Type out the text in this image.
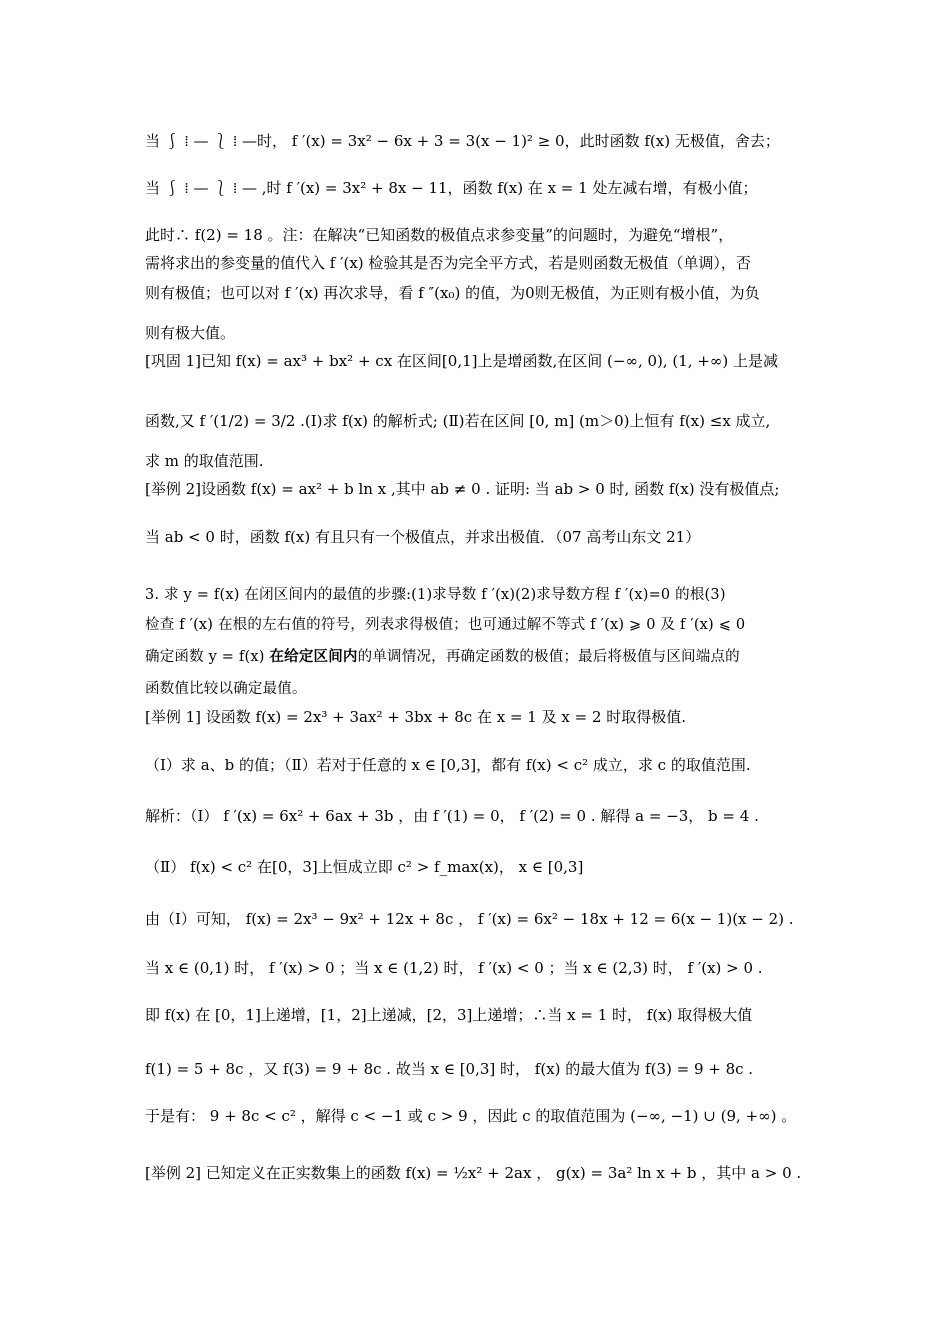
当 ⎰ ⁞ — ⎱ ⁞ —时， f ′(x) = 3x² − 6x + 3 = 3(x − 1)² ≥ 0，此时函数 f(x) 无极值，舍去；
当 ⎰ ⁞ — ⎱ ⁞ — ,时 f ′(x) = 3x² + 8x − 11，函数 f(x) 在 x = 1 处左减右增，有极小值；
此时∴ f(2) = 18 。注：在解决“已知函数的极值点求参变量”的问题时，为避免“增根”，
需将求出的参变量的值代入 f ′(x) 检验其是否为完全平方式，若是则函数无极值（单调），否
则有极值；也可以对 f ′(x) 再次求导，看 f ″(x₀) 的值，为0则无极值，为正则有极小值，为负
则有极大值。
[巩固 1]已知 f(x) = ax³ + bx² + cx 在区间[0,1]上是增函数,在区间 (−∞, 0), (1, +∞) 上是减
函数,又 f ′(1/2) = 3/2 .(Ⅰ)求 f(x) 的解析式; (Ⅱ)若在区间 [0, m] (m＞0)上恒有 f(x) ≤x 成立,
求 m 的取值范围.
[举例 2]设函数 f(x) = ax² + b ln x ,其中 ab ≠ 0 . 证明: 当 ab > 0 时, 函数 f(x) 没有极值点;
当 ab < 0 时，函数 f(x) 有且只有一个极值点，并求出极值．（07 高考山东文 21）
3. 求 y = f(x) 在闭区间内的最值的步骤:(1)求导数 f ′(x)(2)求导数方程 f ′(x)=0 的根(3)
检查 f ′(x) 在根的左右值的符号，列表求得极值；也可通过解不等式 f ′(x) ⩾ 0 及 f ′(x) ⩽ 0
确定函数 y = f(x) 在给定区间内的单调情况，再确定函数的极值；最后将极值与区间端点的
函数值比较以确定最值。
[举例 1] 设函数 f(x) = 2x³ + 3ax² + 3bx + 8c 在 x = 1 及 x = 2 时取得极值.
（Ⅰ）求 a、b 的值；（Ⅱ）若对于任意的 x ∈ [0,3]，都有 f(x) < c² 成立，求 c 的取值范围.
解析：（Ⅰ） f ′(x) = 6x² + 6ax + 3b ，由 f ′(1) = 0， f ′(2) = 0 . 解得 a = −3， b = 4 .
（Ⅱ） f(x) < c² 在[0，3]上恒成立即 c² > f_max(x)， x ∈ [0,3]
由（Ⅰ）可知， f(x) = 2x³ − 9x² + 12x + 8c ， f ′(x) = 6x² − 18x + 12 = 6(x − 1)(x − 2) .
当 x ∈ (0,1) 时， f ′(x) > 0 ；当 x ∈ (1,2) 时， f ′(x) < 0 ；当 x ∈ (2,3) 时， f ′(x) > 0 .
即 f(x) 在 [0，1]上递增，[1，2]上递减，[2，3]上递增；∴当 x = 1 时， f(x) 取得极大值
f(1) = 5 + 8c ，又 f(3) = 9 + 8c . 故当 x ∈ [0,3] 时， f(x) 的最大值为 f(3) = 9 + 8c .
于是有： 9 + 8c < c² ，解得 c < −1 或 c > 9 ，因此 c 的取值范围为 (−∞, −1) ∪ (9, +∞) 。
[举例 2] 已知定义在正实数集上的函数 f(x) = ½x² + 2ax ， g(x) = 3a² ln x + b ，其中 a > 0 .
